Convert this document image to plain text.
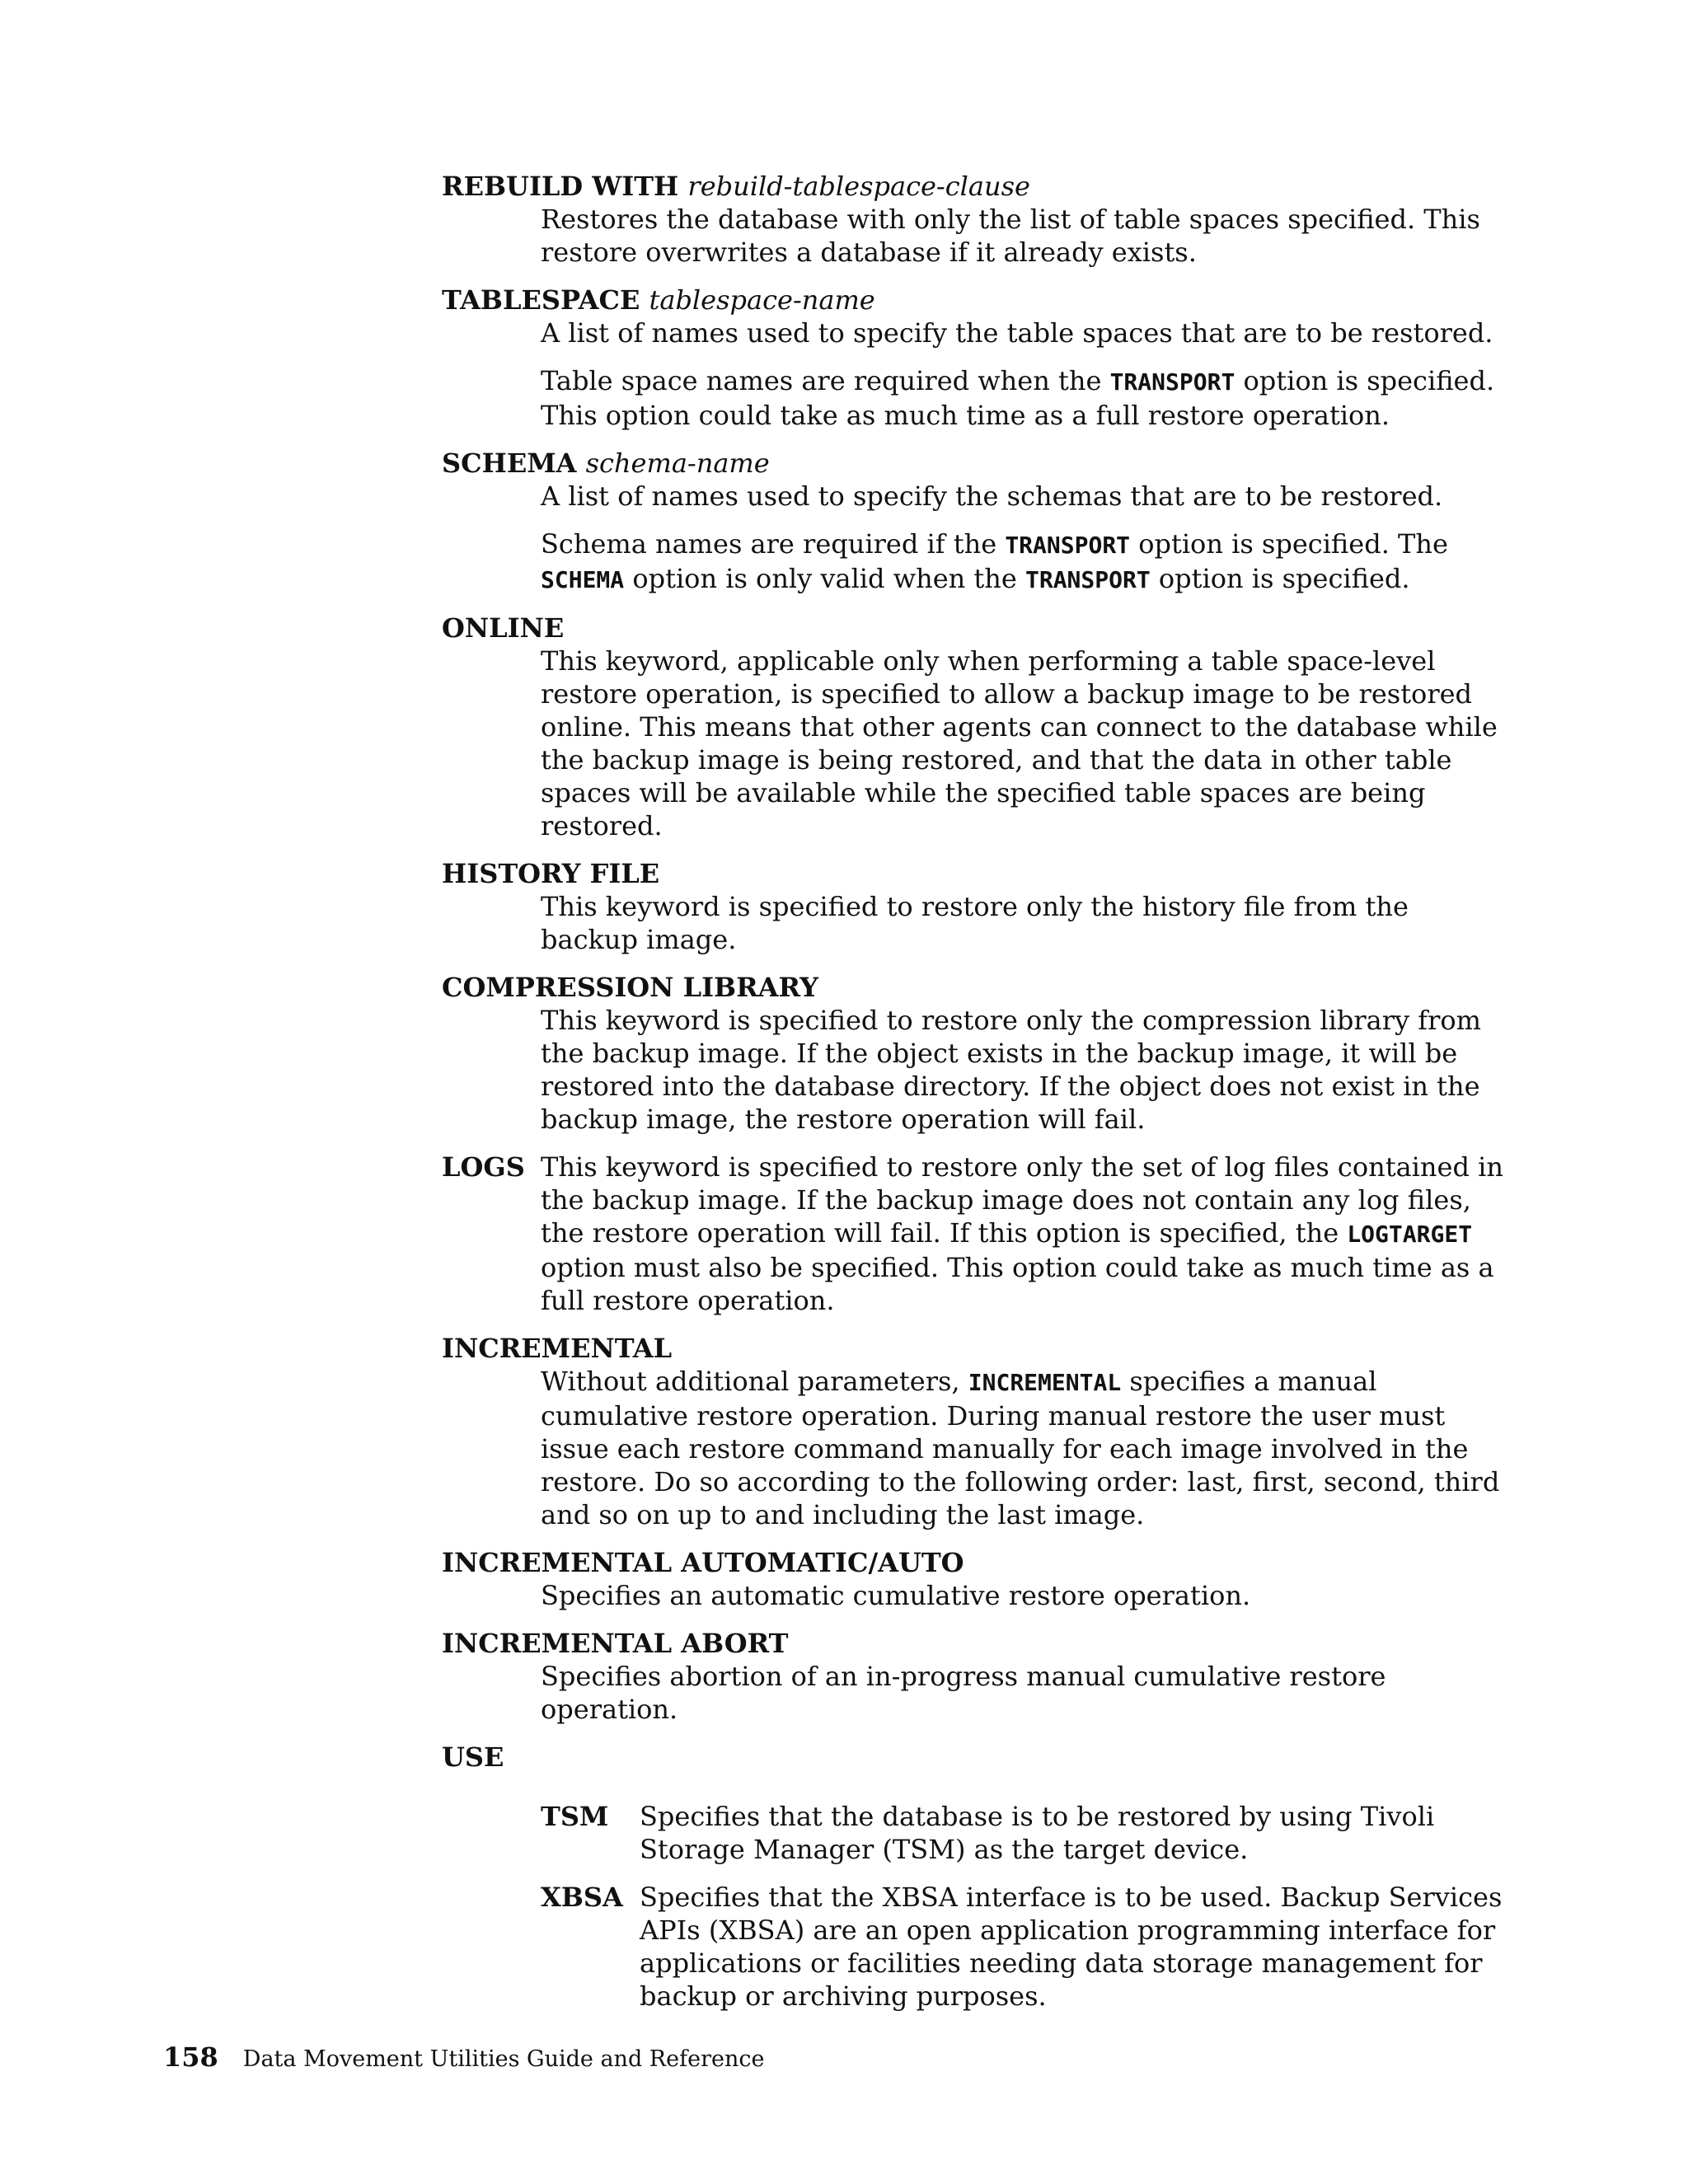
REBUILD WITH rebuild-tablespace-clause

Restores the database with only the list of table spaces specified. This restore overwrites a database if it already exists.

TABLESPACE tablespace-name

A list of names used to specify the table spaces that are to be restored.

Table space names are required when the TRANSPORT option is specified. This option could take as much time as a full restore operation.

SCHEMA schema-name

A list of names used to specify the schemas that are to be restored.

Schema names are required if the TRANSPORT option is specified. The SCHEMA option is only valid when the TRANSPORT option is specified.

ONLINE

This keyword, applicable only when performing a table space-level restore operation, is specified to allow a backup image to be restored online. This means that other agents can connect to the database while the backup image is being restored, and that the data in other table spaces will be available while the specified table spaces are being restored.

HISTORY FILE

This keyword is specified to restore only the history file from the backup image.

COMPRESSION LIBRARY

This keyword is specified to restore only the compression library from the backup image. If the object exists in the backup image, it will be restored into the database directory. If the object does not exist in the backup image, the restore operation will fail.

LOGS This keyword is specified to restore only the set of log files contained in the backup image. If the backup image does not contain any log files, the restore operation will fail. If this option is specified, the LOGTARGET option must also be specified. This option could take as much time as a full restore operation.

INCREMENTAL

Without additional parameters, INCREMENTAL specifies a manual cumulative restore operation. During manual restore the user must issue each restore command manually for each image involved in the restore. Do so according to the following order: last, first, second, third and so on up to and including the last image.

INCREMENTAL AUTOMATIC/AUTO

Specifies an automatic cumulative restore operation.

INCREMENTAL ABORT

Specifies abortion of an in-progress manual cumulative restore operation.

USE

TSM Specifies that the database is to be restored by using Tivoli Storage Manager (TSM) as the target device.

XBSA Specifies that the XBSA interface is to be used. Backup Services APIs (XBSA) are an open application programming interface for applications or facilities needing data storage management for backup or archiving purposes.

158 Data Movement Utilities Guide and Reference
